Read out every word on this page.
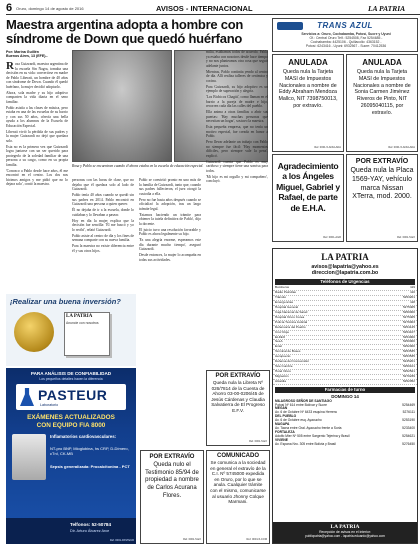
6 Oruro, domingo 14 de agosto de 2016	AVISOS - INTERNACIONAL	LA PATRIA
Maestra argentina adopta a hombre con
síndrome de Down que quedó huérfano
Por: Marina Guillén
Buenos Aires, 13 (EFE).-

Rosa Guizzardi, maestra argentina de la escuela Sin Nagra, tomaba una decisión en su vida: convertirse en madre de Pablo Liberati, un hombre de 40 años con síndrome de Down. Cuando él quedó huérfano, la mujer decidió adoptarlo.

Ahora, sola madre y su hijo adoptivo comparten la vida diaria en el seno familiar.

Pablo asistía a las clases de música, pero estaba en una de las escuelas de su barrio y con sus 50 años, ofrecía una bella ayuda a los alumnos de la Escuela de Educación Especial.

Liberati vivió la pérdida de sus padres y la mujer Guizzardi no dejó que quedara solo.

Esta no es la primera vez que Guizzardi logra juntarse con un ser querido para protegerlo de la soledad familiar de una persona a su cargo, como en su propia familia.

'Conozco a Pablo desde hace años, él me encontró en el centro. Los dos nos hicimos amigos y me pidió que no lo dejara solo', contó la maestra.

Rosa y Pablo se encuentran cuando él ahora estaba en la escuela de educación especial.

personas con las horas de clase, que no dejaba que él quedara solo al lado de Guizzardi.

Pablo tenía 40 años cuando se quedó sin sus padres en 2014. Pablo encontró en Guizzardi una persona a quien querer.

Él no dejaba de ir a la escuela, donde lo cuidaban y lo llevaban a pasear.

Hoy en día la mujer explica que la decisión fue sencilla: 'Él me buscó y yo lo recibí', relató Guizzardi.

Pablo asiste al centro de día y los fines de semana comparte con su nueva familia.

Para la maestra no existe diferencia entre él y sus otros hijos.

Pablo se convirtió pronto en uno más de la familia de Guizzardi, tanto que, cuando sus padres fallecieron, el juez otorgó la custodia a ella.

Pero no fue hasta años después cuando se oficializó la adopción, tras un largo trámite legal.

'Estamos haciendo un trámite para obtener la tutela definitiva de Pablo', dijo la docente.

El juicio tuvo una resolución favorable y Pablo es ahora legalmente su hijo.

'Es una alegría enorme, esperamos este día durante mucho tiempo', aseguró Guizzardi.

Desde entonces, la mujer lo acompaña en todas sus actividades.

milia, estábamos todos de acuerdo. Pablo ya estaba con nosotros desde hace tiempo y no nos planteamos otra cosa que seguir adelante juntos.

Mientras, Pablo continúa yendo al centro de día. Allí realiza talleres de cerámica y cocina.

Para Guizzardi, su hijo adoptivo es un ejemplo de superación y alegría.

'Los Bichicos Chagüi', como llaman en el barrio a la pareja de madre e hijo, recorren cada día las calles del pueblo.

Ella anima a otras familias a abrir sus puertas: 'Hay muchas personas que necesitan un hogar', sostuvo la maestra.

Esta pequeña empresa, que no tenía un motivo especial, fue creada en honor a Pablo.

Pero llevar adelante un trabajo con Pablo no siempre fue fácil: 'Hay momentos difíciles, pero siempre vale la pena', explicó.

Guizzardi cuenta que Pablo es muy cariñoso y siempre tiene una sonrisa para todos.

'Mi hijo es mi orgullo y mi compañero', concluyó.

TRANS AZUL
Servicios a: Oruro, Cochabamba, Potosí, Sucre y Uyuni
Of.: Central Oruro Telf.: 5254508, Fax 5254685 -
Cochabamba: 4425106 - Quillacollo: 4363152 -
Potosí: 6243416 - Uyuni: 6932567 - Sucre: 70412536
ANULADA
Queda nula la Tarjeta MASI de Impuestos Nacionales a nombre de Eddy Abraham Mendoza Mallco, NIT 7398750013, por extravío.
Ref. 0001-5-ANULADA
ANULADA
Queda nula la Tarjeta MASI de Impuestos Nacionales a nombre de Sonia Carmen Jiménez Riveros de Pinto, NIT 26095040115, por extravío.
Ref. 0001-5-ANULADA
Agradecimiento a los Ángeles Miguel, Gabriel y Rafael, de parte de E.H.A.
Ref. 0001-AGR
POR EXTRAVÍO
Queda nula la Placa 1569-YAY, vehículo marca Nissan XTerra, mod. 2000.
Ref. 0001-5-EX
¡Realizar una buena inversión?
LA PATRIA
Anuncie con nosotros
PARA ANÁLISIS DE CONFIABILIDAD
Los pequeños detalles hacen la diferencia
PASTEUR
Laboratorio
EXÁMENES ACTUALIZADOS
CON EQUIPO FIA 8000
Inflamatorios cardiovasculares:
NT-pro BNP, Mioglobina, hs CRP, D-Dímero, cTnI, CK-MB
Sepsis generalizada: Procalcitonina - PCT
Telfonos: 52-50784
Dir. Arturo Álvarez Arce
Ref. 0001-PASTEUR
POR EXTRAVÍO
Queda nulo el Testimonio 85/94 de propiedad a nombre de Carlos Acurana Flores.
Ref. 0001-5-EX
POR EXTRAVÍO
Queda nula la Libreta Nº 026/7814 de la Cuenta de Ahorro 03-00-0206/45 de Jesús Cárdenas y Claudia Salvatierra de El Progreso E.F.V.
Ref. 0001-5-EX
COMUNICADO
Se comunica a la sociedad en general el extravío de la C.I. Nº 5745000 expedida en Oruro, por lo que se anula. Cualquier trámite con el mismo, comunicarse al usuario Jhonny Colque Marmani.
Ref. 0001-5-COM
LA PATRIA
avisos@lapatria@yahoo.es
direccion@lapatria.com.bo
Teléfonos de Urgencias
Bomberos	119
Radio Patrullas	110
Tránsito	5253201
Emergencias	118
Hospital General	5275405
Caja Nacional de Salud	5250000
Hospital Oruro Corea	5275405
Policía Técnica Judicial	5276003
Defensoría del Pueblo	5254125
Cruz Roja	5254107
ELFEO	5254000
SeLA	5250000
Entel	5252000
Terminal de Buses	5253535
Aeropuerto	5253535
Defensa del Consumidor	5245201
Tele Cumbre	5250101
Hotel Oruro	5252521
Migración	5270239
Alcaldía	5252052
Farmacias de turno
DOMINGO 14
MILAGROSO SEÑOR DE SANTIAGO
Potosí Nº 614 entre Bolívar y Sucre	5254469
MEGAN
Av. 6 de Octubre Nº 6433 esquina Herrera	5276111
DEL PUEBLO
Av. 6 de Octubre esq. Ayacucho	5253190
MAGAPA
Av. Tacna entre Gral. Ayacucho frente a Soria	5233400
FORTALEZA
Adolfo Mier Nº 505 entre Sargento Tejerina y Brasil	5254621
VIVIENE
Av. Espana Nro. 305 entre Bolivia y Brasil	5276450
LA PATRIA
Recepción de avisos en el interior:
publicpatria@yahoo.com - lapatria.eduardo@yahoo.com
